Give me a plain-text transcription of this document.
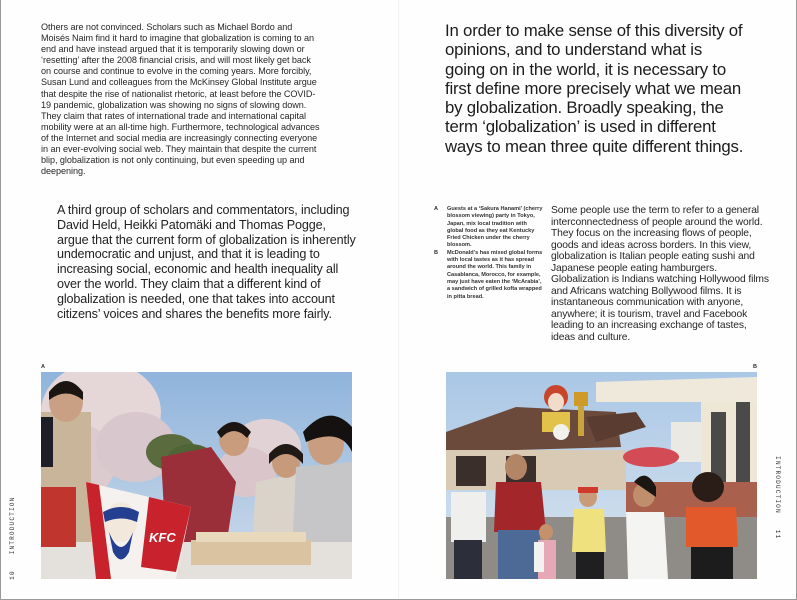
Others are not convinced. Scholars such as Michael Bordo and Moisés Naim find it hard to imagine that globalization is coming to an end and have instead argued that it is temporarily slowing down or ‘resetting’ after the 2008 financial crisis, and will most likely get back on course and continue to evolve in the coming years. More forcibly, Susan Lund and colleagues from the McKinsey Global Institute argue that despite the rise of nationalist rhetoric, at least before the COVID-19 pandemic, globalization was showing no signs of slowing down. They claim that rates of international trade and international capital mobility were at an all-time high. Furthermore, technological advances of the Internet and social media are increasingly connecting everyone in an ever-evolving social web. They maintain that despite the current blip, globalization is not only continuing, but even speeding up and deepening.

A third group of scholars and commentators, including David Held, Heikki Patomäki and Thomas Pogge, argue that the current form of globalization is inherently undemocratic and unjust, and that it is leading to increasing social, economic and health inequality all over the world. They claim that a different kind of globalization is needed, one that takes into account citizens’ voices and shares the benefits more fairly.

A
KFC
10INTRODUCTION

In order to make sense of this diversity of opinions, and to understand what is going on in the world, it is necessary to first define more precisely what we mean by globalization. Broadly speaking, the term ‘globalization’ is used in different ways to mean three quite different things.

A Guests at a ‘Sakura Hanami’ (cherry blossom viewing) party in Tokyo, Japan, mix local tradition with global food as they eat Kentucky Fried Chicken under the cherry blossom.
B McDonald’s has mixed global forms with local tastes as it has spread around the world. This family in Casablanca, Morocco, for example, may just have eaten the ‘McArabia’, a sandwich of grilled kofta wrapped in pitta bread.

Some people use the term to refer to a general interconnectedness of people around the world. They focus on the increasing flows of people, goods and ideas across borders. In this view, globalization is Italian people eating sushi and Japanese people eating hamburgers. Globalization is Indians watching Hollywood films and Africans watching Bollywood films. It is instantaneous communication with anyone, anywhere; it is tourism, travel and Facebook leading to an increasing exchange of tastes, ideas and culture.

B
INTRODUCTION11
